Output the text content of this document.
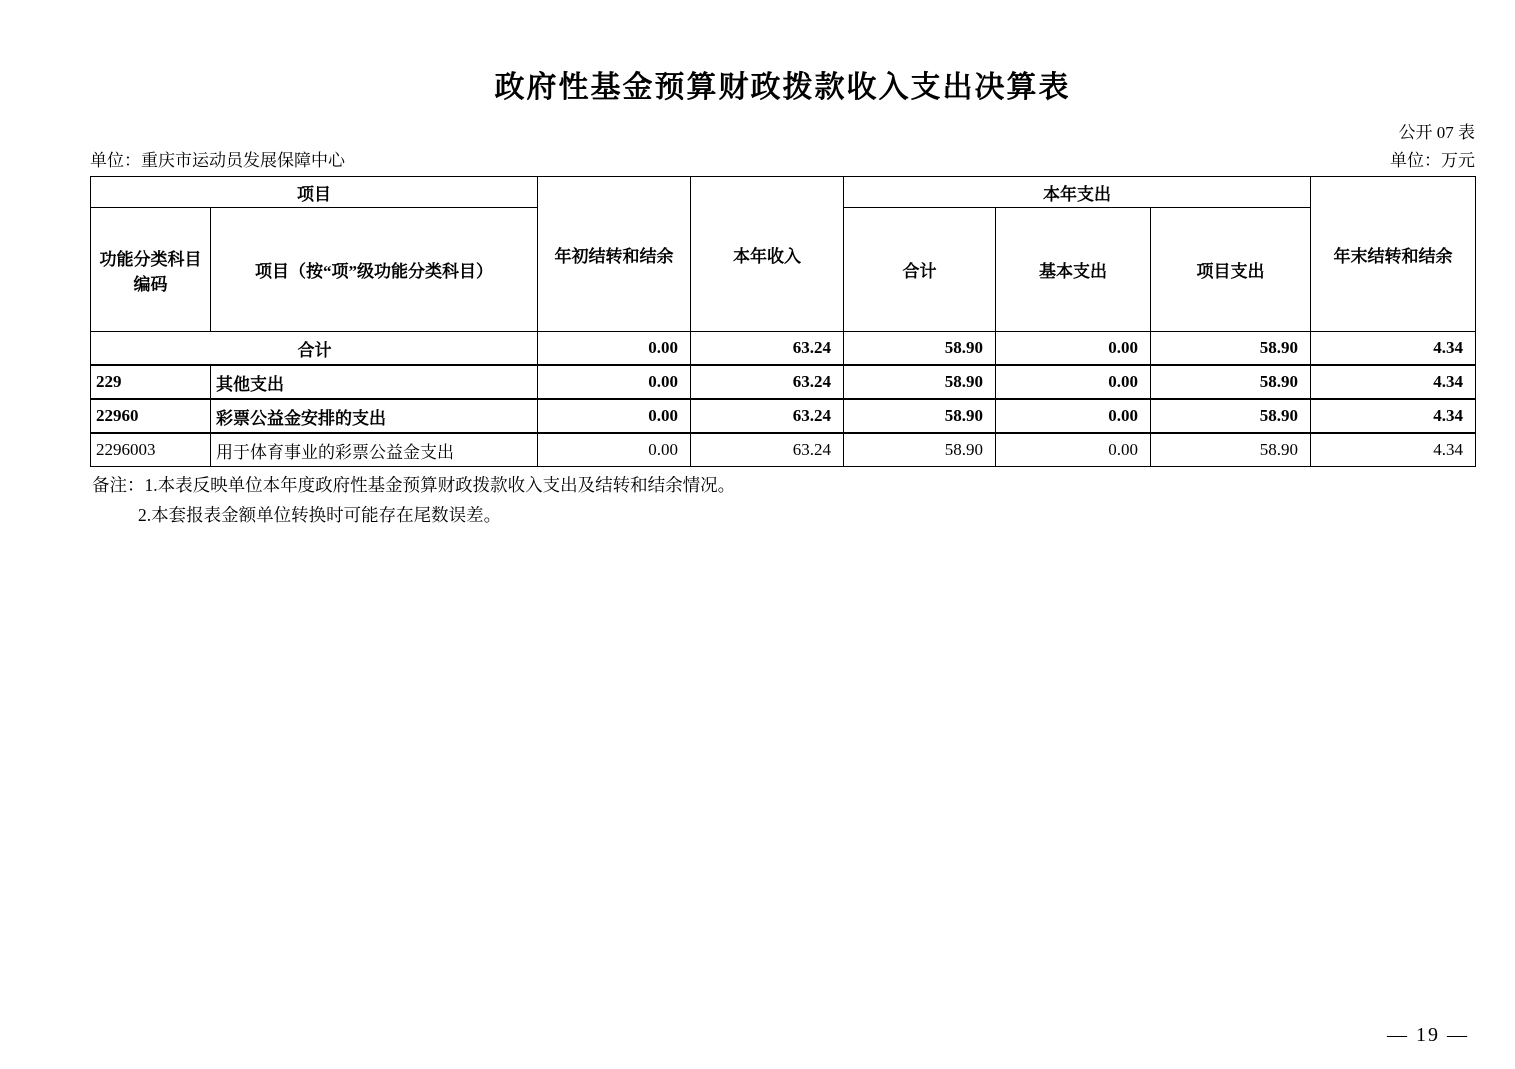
政府性基金预算财政拨款收入支出决算表
公开 07 表
单位：重庆市运动员发展保障中心	单位：万元
项目		年初结转和结余	本年收入	本年支出			年末结转和结余
功能分类科目编码	项目（按“项”级功能分类科目）			合计	基本支出	项目支出	
合计		0.00	63.24	58.90	0.00	58.90	4.34
229	其他支出	0.00	63.24	58.90	0.00	58.90	4.34
22960	彩票公益金安排的支出	0.00	63.24	58.90	0.00	58.90	4.34
2296003	用于体育事业的彩票公益金支出	0.00	63.24	58.90	0.00	58.90	4.34
备注：1.本表反映单位本年度政府性基金预算财政拨款收入支出及结转和结余情况。
2.本套报表金额单位转换时可能存在尾数误差。
— 19 —
